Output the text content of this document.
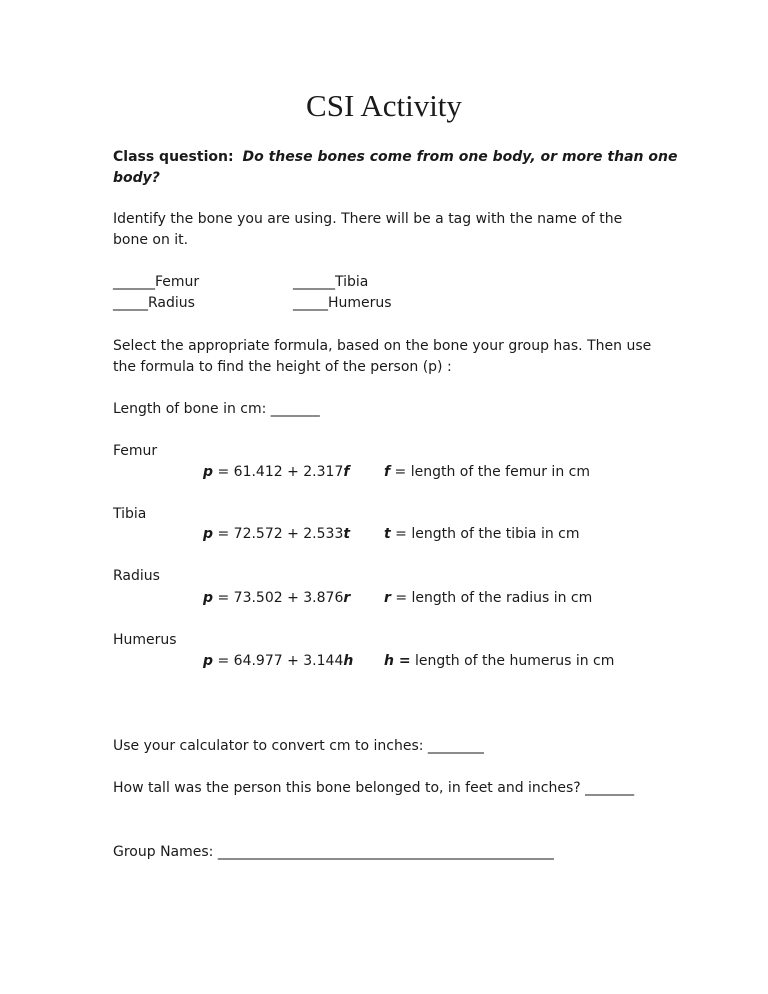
CSI Activity
Class question: Do these bones come from one body, or more than one
body?
Identify the bone you are using. There will be a tag with the name of the
bone on it.
______Femur	______Tibia
_____Radius	_____Humerus
Select the appropriate formula, based on the bone your group has. Then use
the formula to find the height of the person (p) :
Length of bone in cm: _______
Femur
p = 61.412 + 2.317f f = length of the femur in cm
Tibia
p = 72.572 + 2.533t t = length of the tibia in cm
Radius
p = 73.502 + 3.876r r = length of the radius in cm
Humerus
p = 64.977 + 3.144h h = length of the humerus in cm
Use your calculator to convert cm to inches: ________
How tall was the person this bone belonged to, in feet and inches? _______
Group Names: ________________________________________________
